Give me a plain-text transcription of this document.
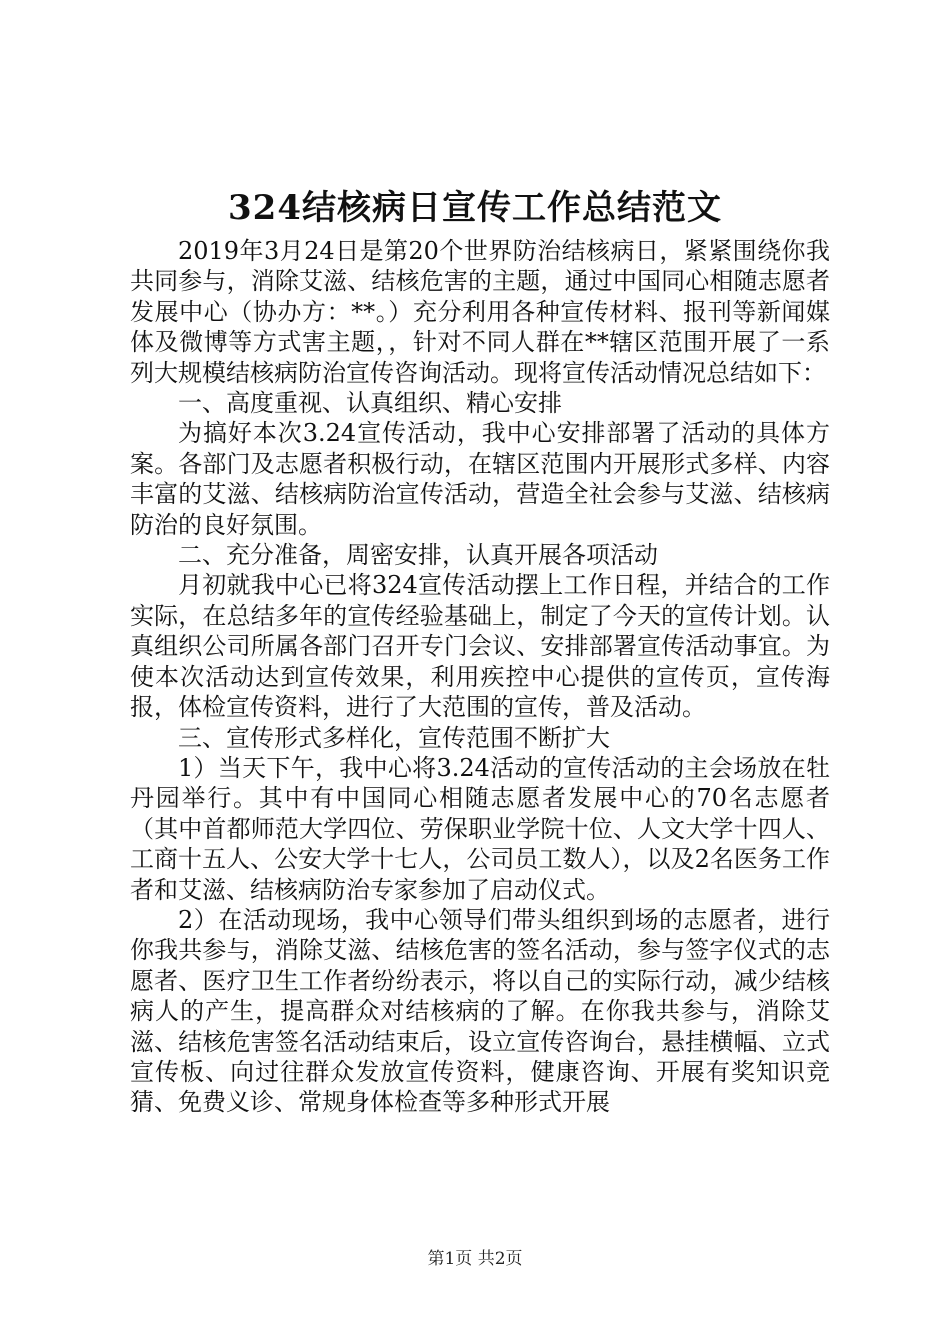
324结核病日宣传工作总结范文

2019年3月24日是第20个世界防治结核病日，紧紧围绕你我共同参与，消除艾滋、结核危害的主题，通过中国同心相随志愿者发展中心（协办方：**。）充分利用各种宣传材料、报刊等新闻媒体及微博等方式害主题，，针对不同人群在**辖区范围开展了一系列大规模结核病防治宣传咨询活动。现将宣传活动情况总结如下：

一、高度重视、认真组织、精心安排

为搞好本次3.24宣传活动，我中心安排部署了活动的具体方案。各部门及志愿者积极行动，在辖区范围内开展形式多样、内容丰富的艾滋、结核病防治宣传活动，营造全社会参与艾滋、结核病防治的良好氛围。

二、充分准备，周密安排，认真开展各项活动

月初就我中心已将324宣传活动摆上工作日程，并结合的工作实际，在总结多年的宣传经验基础上，制定了今天的宣传计划。认真组织公司所属各部门召开专门会议、安排部署宣传活动事宜。为使本次活动达到宣传效果，利用疾控中心提供的宣传页，宣传海报，体检宣传资料，进行了大范围的宣传，普及活动。

三、宣传形式多样化，宣传范围不断扩大

1）当天下午，我中心将3.24活动的宣传活动的主会场放在牡丹园举行。其中有中国同心相随志愿者发展中心的70名志愿者（其中首都师范大学四位、劳保职业学院十位、人文大学十四人、工商十五人、公安大学十七人，公司员工数人），以及2名医务工作者和艾滋、结核病防治专家参加了启动仪式。

2）在活动现场，我中心领导们带头组织到场的志愿者，进行你我共参与，消除艾滋、结核危害的签名活动，参与签字仪式的志愿者、医疗卫生工作者纷纷表示，将以自己的实际行动，减少结核病人的产生，提高群众对结核病的了解。在你我共参与，消除艾滋、结核危害签名活动结束后，设立宣传咨询台，悬挂横幅、立式宣传板、向过往群众发放宣传资料，健康咨询、开展有奖知识竞猜、免费义诊、常规身体检查等多种形式开展

第1页 共2页
